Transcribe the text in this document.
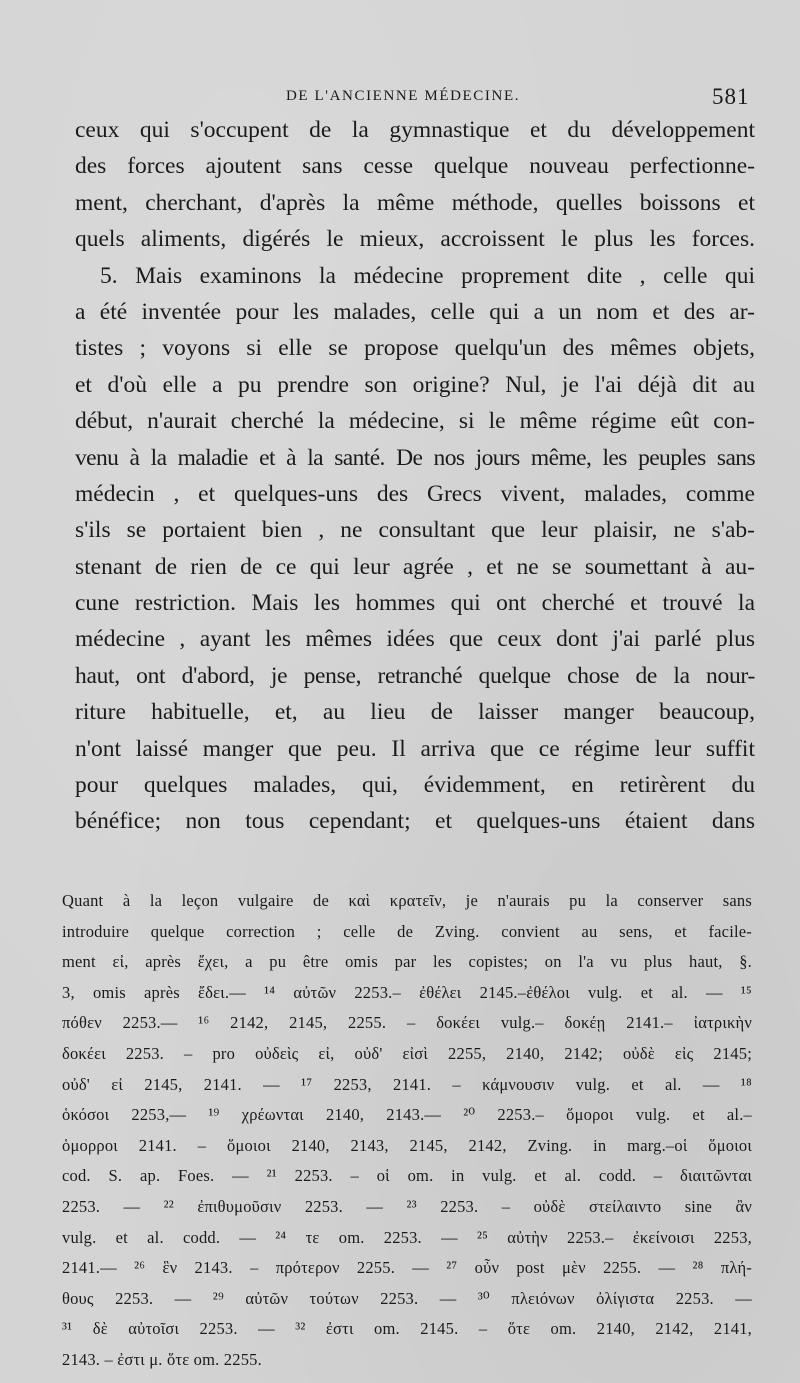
DE L'ANCIENNE MÉDECINE.	581
ceux qui s'occupent de la gymnastique et du développement
des forces ajoutent sans cesse quelque nouveau perfectionne-
ment, cherchant, d'après la même méthode, quelles boissons et
quels aliments, digérés le mieux, accroissent le plus les forces.
5. Mais examinons la médecine proprement dite , celle qui
a été inventée pour les malades, celle qui a un nom et des ar-
tistes ; voyons si elle se propose quelqu'un des mêmes objets,
et d'où elle a pu prendre son origine? Nul, je l'ai déjà dit au
début, n'aurait cherché la médecine, si le même régime eût con-
venu à la maladie et à la santé. De nos jours même, les peuples sans
médecin , et quelques-uns des Grecs vivent, malades, comme
s'ils se portaient bien , ne consultant que leur plaisir, ne s'ab-
stenant de rien de ce qui leur agrée , et ne se soumettant à au-
cune restriction. Mais les hommes qui ont cherché et trouvé la
médecine , ayant les mêmes idées que ceux dont j'ai parlé plus
haut, ont d'abord, je pense, retranché quelque chose de la nour-
riture habituelle, et, au lieu de laisser manger beaucoup,
n'ont laissé manger que peu. Il arriva que ce régime leur suffit
pour quelques malades, qui, évidemment, en retirèrent du
bénéfice; non tous cependant; et quelques-uns étaient dans
Quant à la leçon vulgaire de καὶ κρατεῖν, je n'aurais pu la conserver sans
introduire quelque correction ; celle de Zving. convient au sens, et facile-
ment εἰ, après ἔχει, a pu être omis par les copistes; on l'a vu plus haut, §.
3, omis après ἔδει.— ¹⁴ αὐτῶν 2253.– ἐθέλει 2145.–ἐθέλοι vulg. et al. — ¹⁵
πόθεν 2253.— ¹⁶ 2142, 2145, 2255. – δοκέει vulg.– δοκέῃ 2141.– ἰατρικὴν
δοκέει 2253. – pro οὐδεὶς εἰ, οὐδ' εἰσὶ 2255, 2140, 2142; οὐδὲ εἰς 2145;
οὐδ' εἰ 2145, 2141. — ¹⁷ 2253, 2141. – κάμνουσιν vulg. et al. — ¹⁸
ὁκόσοι 2253,— ¹⁹ χρέωνται 2140, 2143.— ²⁰ 2253.– ὅμοροι vulg. et al.–
ὁμορροι 2141. – ὅμοιοι 2140, 2143, 2145, 2142, Zving. in marg.–οἱ ὅμοιοι
cod. S. ap. Foes. — ²¹ 2253. – οἱ om. in vulg. et al. codd. – διαιτῶνται
2253. — ²² ἐπιθυμοῦσιν 2253. — ²³ 2253. – οὐδὲ στείλαιντο sine ἂν
vulg. et al. codd. — ²⁴ τε om. 2253. — ²⁵ αὐτὴν 2253.– ἐκείνοισι 2253,
2141.— ²⁶ ἓν 2143. – πρότερον 2255. — ²⁷ οὖν post μὲν 2255. — ²⁸ πλή-
θους 2253. — ²⁹ αὐτῶν τούτων 2253. — ³⁰ πλειόνων ὀλίγιστα 2253. —
³¹ δὲ αὐτοῖσι 2253. — ³² ἐστι om. 2145. – ὅτε om. 2140, 2142, 2141,
2143. – ἐστι μ. ὅτε om. 2255.
